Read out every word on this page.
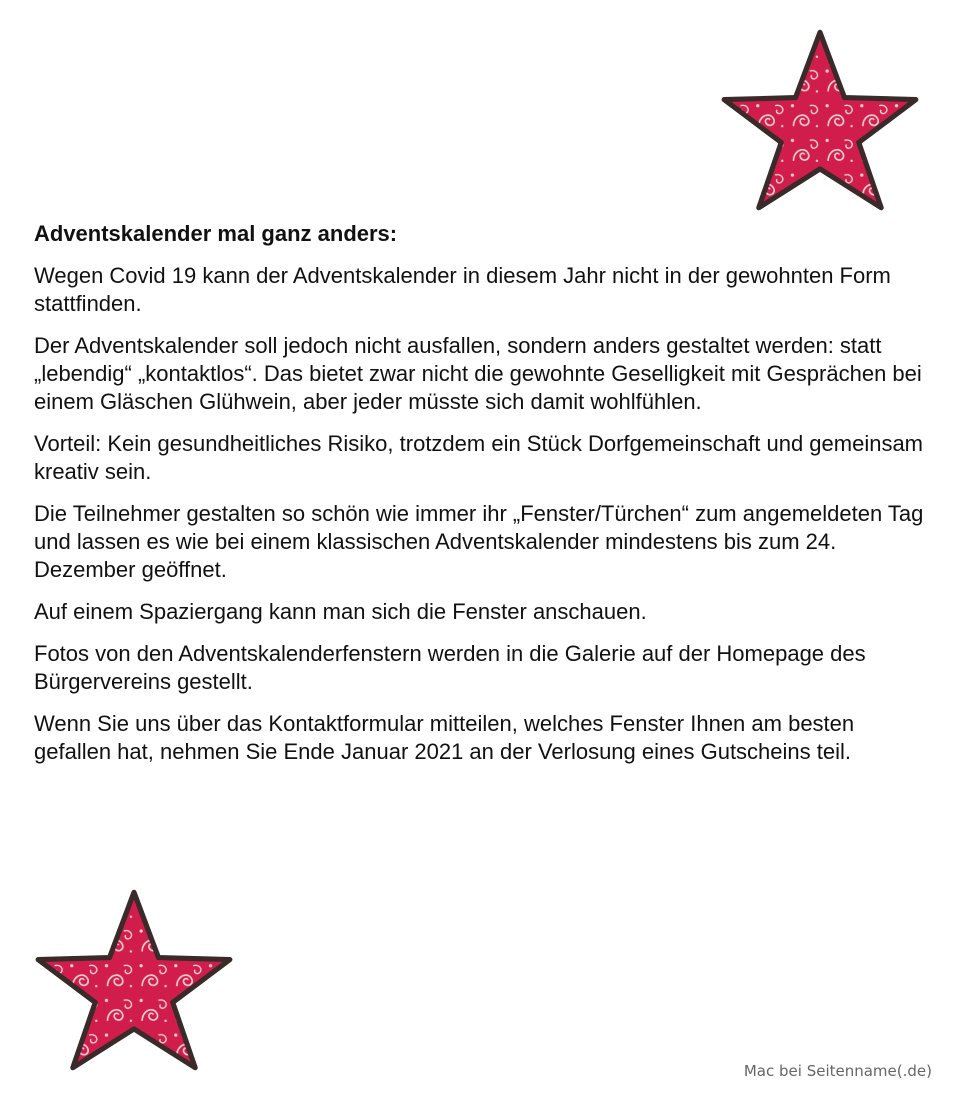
Adventskalender mal ganz anders:
Wegen Covid 19 kann der Adventskalender in diesem Jahr nicht in der gewohnten Form stattfinden.
Der Adventskalender soll jedoch nicht ausfallen, sondern anders gestaltet werden: statt „lebendig“ „kontaktlos“. Das bietet zwar nicht die gewohnte Geselligkeit mit Gesprächen bei einem Gläschen Glühwein, aber jeder müsste sich damit wohlfühlen.
Vorteil: Kein gesundheitliches Risiko, trotzdem ein Stück Dorfgemeinschaft und gemeinsam kreativ sein.
Die Teilnehmer gestalten so schön wie immer ihr „Fenster/Türchen“ zum angemeldeten Tag und lassen es wie bei einem klassischen Adventskalender mindestens bis zum 24. Dezember geöffnet.
Auf einem Spaziergang kann man sich die Fenster anschauen.
Fotos von den Adventskalenderfenstern werden in die Galerie auf der Homepage des Bürgervereins gestellt.
Wenn Sie uns über das Kontaktformular mitteilen, welches Fenster Ihnen am besten gefallen hat, nehmen Sie Ende Januar 2021 an der Verlosung eines Gutscheins teil.
Mac bei Seitenname(.de)
